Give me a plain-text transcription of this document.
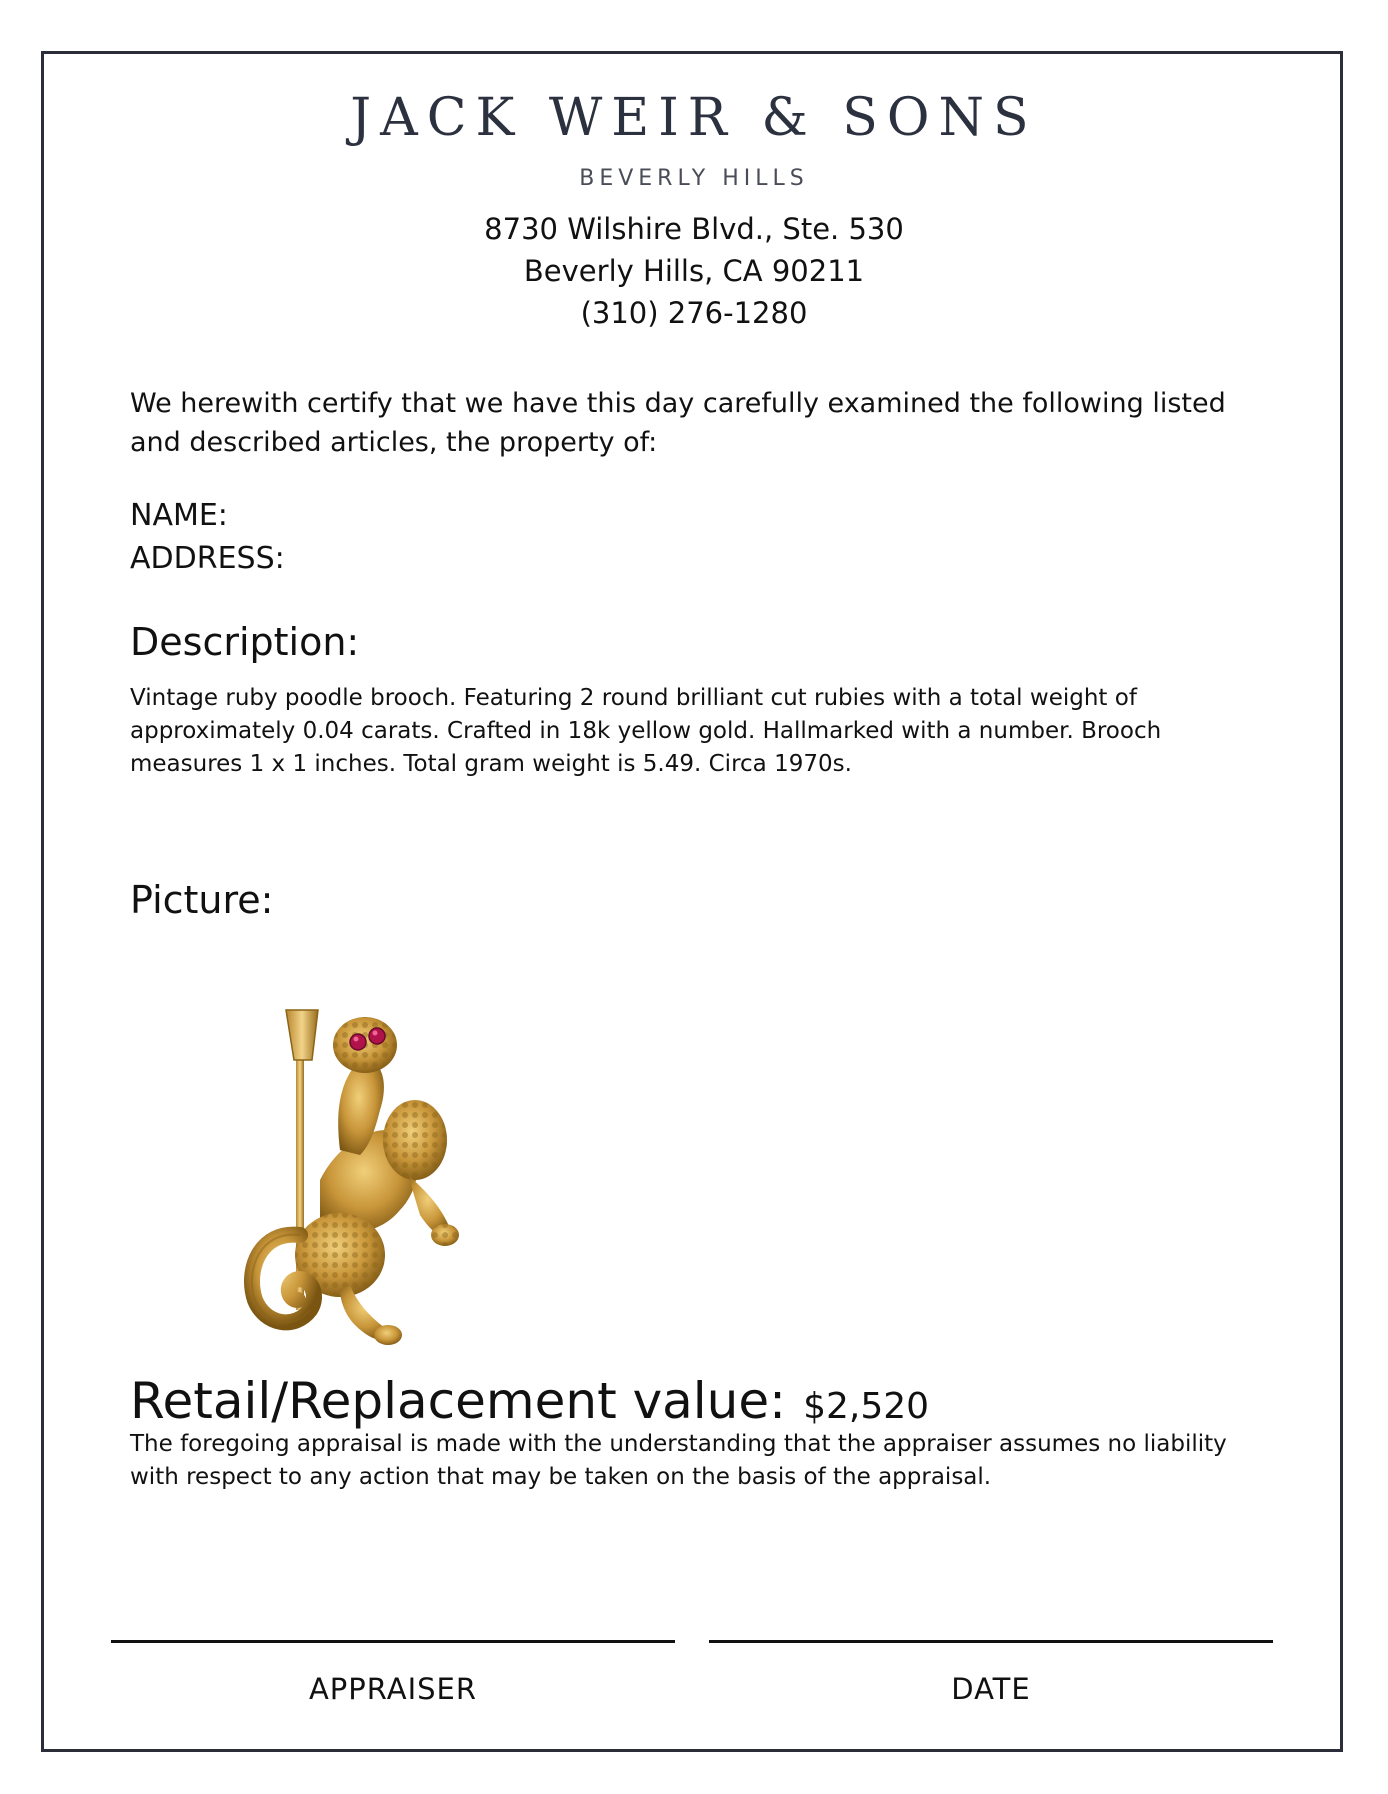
JACK WEIR & SONS
BEVERLY HILLS
8730 Wilshire Blvd., Ste. 530
Beverly Hills, CA 90211
(310) 276-1280
We herewith certify that we have this day carefully examined the following listed and described articles, the property of:
NAME:
ADDRESS:
Description:
Vintage ruby poodle brooch. Featuring 2 round brilliant cut rubies with a total weight of approximately 0.04 carats. Crafted in 18k yellow gold. Hallmarked with a number. Brooch measures 1 x 1 inches. Total gram weight is 5.49. Circa 1970s.
Picture:
Retail/Replacement value: $2,520
The foregoing appraisal is made with the understanding that the appraiser assumes no liability with respect to any action that may be taken on the basis of the appraisal.
APPRAISER	DATE
